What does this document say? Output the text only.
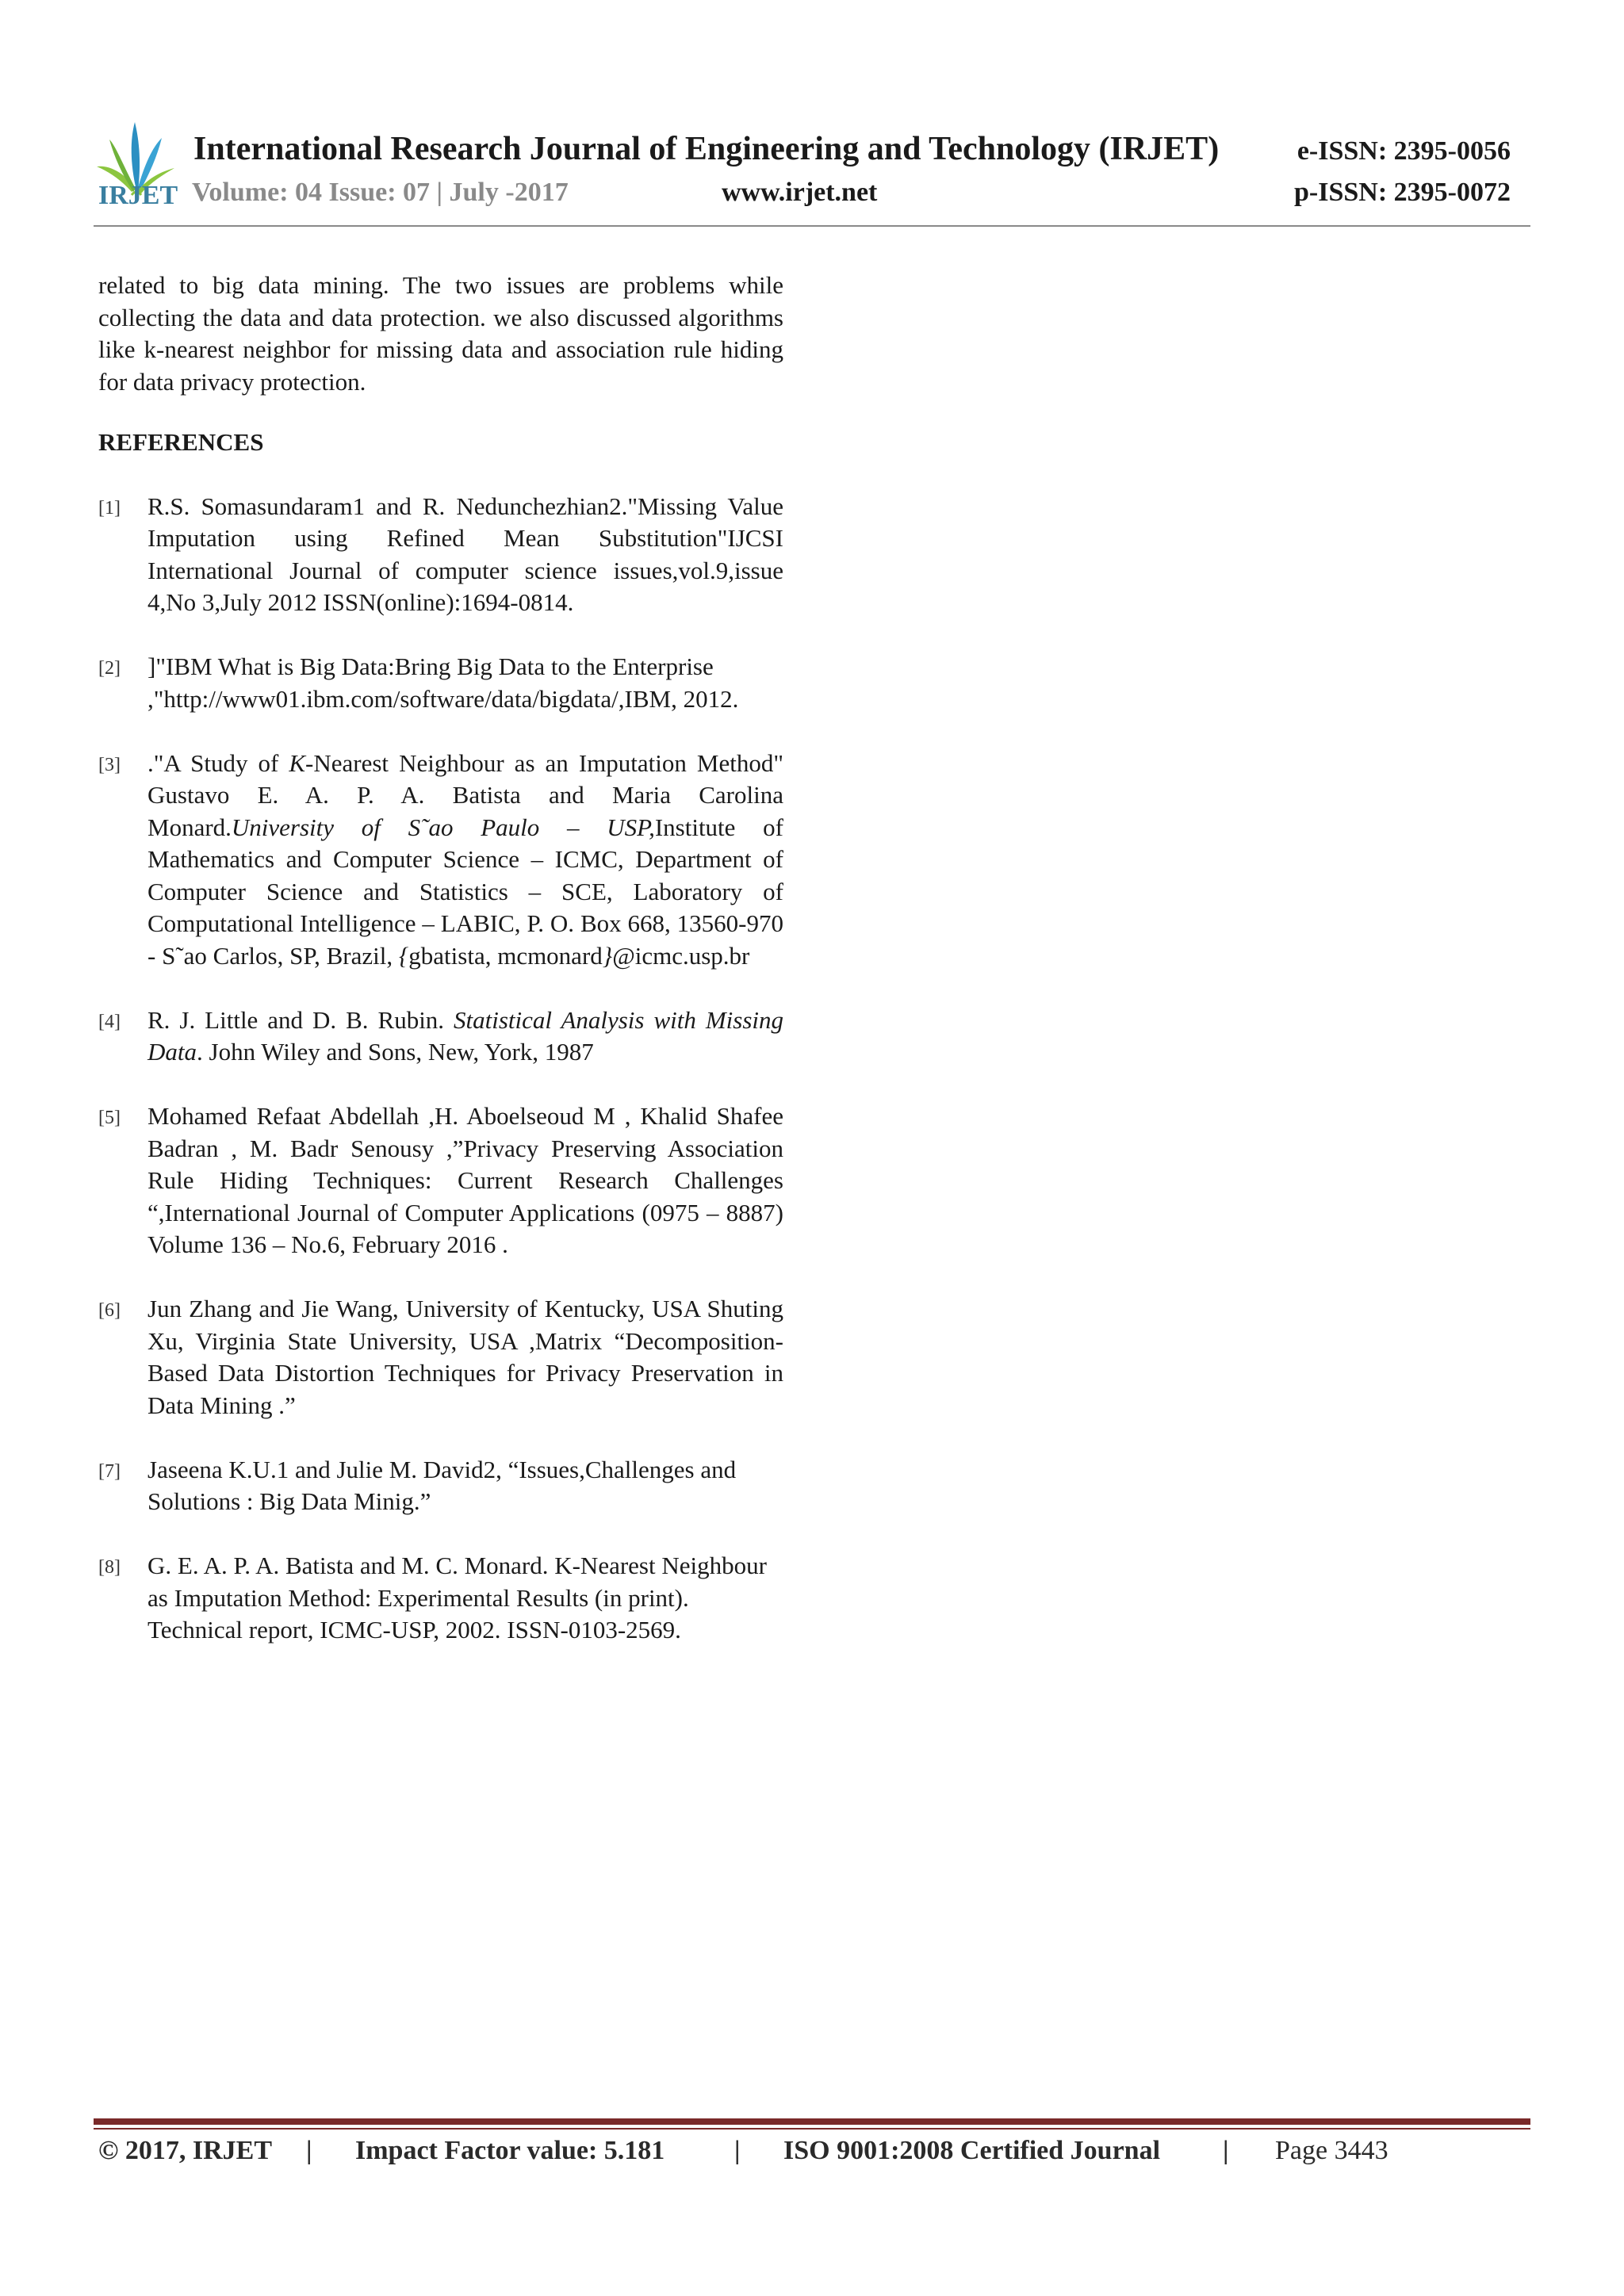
IRJET
International Research Journal of Engineering and Technology (IRJET)
Volume: 04 Issue: 07 | July -2017	www.irjet.net
e-ISSN: 2395-0056
p-ISSN: 2395-0072

related to big data mining. The two issues are problems while collecting the data and data protection. we also discussed algorithms like k-nearest neighbor for missing data and association rule hiding for data privacy protection.

REFERENCES
[1] R.S. Somasundaram1 and R. Nedunchezhian2."Missing Value Imputation using Refined Mean Substitution"IJCSI International Journal of computer science issues,vol.9,issue 4,No 3,July 2012 ISSN(online):1694-0814.
[2] ]"IBM What is Big Data:Bring Big Data to the Enterprise ,"http://www01.ibm.com/software/data/bigdata/,IBM, 2012.
[3] ."A Study of K-Nearest Neighbour as an Imputation Method" Gustavo E. A. P. A. Batista and Maria Carolina Monard.University of S˜ao Paulo – USP,Institute of Mathematics and Computer Science – ICMC, Department of Computer Science and Statistics – SCE, Laboratory of Computational Intelligence – LABIC, P. O. Box 668, 13560-970 - S˜ao Carlos, SP, Brazil, {gbatista, mcmonard}@icmc.usp.br
[4] R. J. Little and D. B. Rubin. Statistical Analysis with Missing Data. John Wiley and Sons, New, York, 1987
[5] Mohamed Refaat Abdellah ,H. Aboelseoud M , Khalid Shafee Badran , M. Badr Senousy ,”Privacy Preserving Association Rule Hiding Techniques: Current Research Challenges “,International Journal of Computer Applications (0975 – 8887) Volume 136 – No.6, February 2016 .
[6] Jun Zhang and Jie Wang, University of Kentucky, USA Shuting Xu, Virginia State University, USA ,Matrix “Decomposition-Based Data Distortion Techniques for Privacy Preservation in Data Mining .”
[7] Jaseena K.U.1 and Julie M. David2, “Issues,Challenges and Solutions : Big Data Minig.”
[8] G. E. A. P. A. Batista and M. C. Monard. K-Nearest Neighbour as Imputation Method: Experimental Results (in print). Technical report, ICMC-USP, 2002. ISSN-0103-2569.
© 2017, IRJET | Impact Factor value: 5.181	| ISO 9001:2008 Certified Journal | Page 3443
